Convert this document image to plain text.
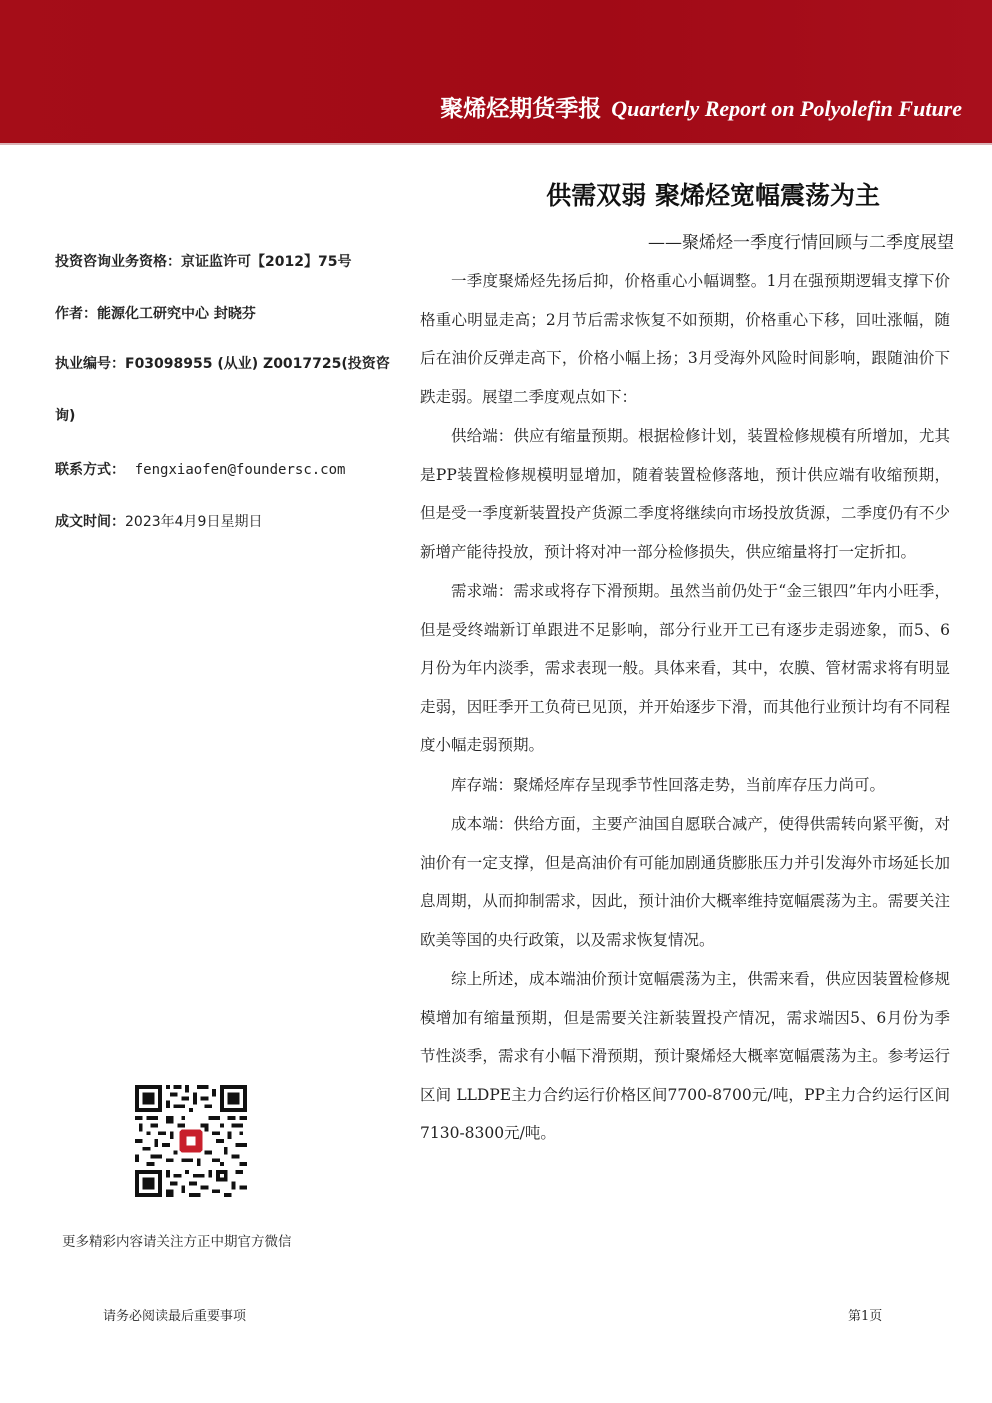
聚烯烃期货季报 Quarterly Report on Polyolefin Future
供需双弱 聚烯烃宽幅震荡为主
——聚烯烃一季度行情回顾与二季度展望
投资咨询业务资格：京证监许可【2012】75号
作者：能源化工研究中心 封晓芬
执业编号：F03098955 (从业) Z0017725(投资咨询)
联系方式： fengxiaofen@foundersc.com
成文时间：2023年4月9日星期日

一季度聚烯烃先扬后抑，价格重心小幅调整。1月在强预期逻辑支撑下价格重心明显走高；2月节后需求恢复不如预期，价格重心下移，回吐涨幅，随后在油价反弹走高下，价格小幅上扬；3月受海外风险时间影响，跟随油价下跌走弱。展望二季度观点如下：

供给端：供应有缩量预期。根据检修计划，装置检修规模有所增加，尤其是PP装置检修规模明显增加，随着装置检修落地，预计供应端有收缩预期，但是受一季度新装置投产货源二季度将继续向市场投放货源，二季度仍有不少新增产能待投放，预计将对冲一部分检修损失，供应缩量将打一定折扣。

需求端：需求或将存下滑预期。虽然当前仍处于“金三银四”年内小旺季，但是受终端新订单跟进不足影响，部分行业开工已有逐步走弱迹象，而5、6月份为年内淡季，需求表现一般。具体来看，其中，农膜、管材需求将有明显走弱，因旺季开工负荷已见顶，并开始逐步下滑，而其他行业预计均有不同程度小幅走弱预期。

库存端：聚烯烃库存呈现季节性回落走势，当前库存压力尚可。

成本端：供给方面，主要产油国自愿联合减产，使得供需转向紧平衡，对油价有一定支撑，但是高油价有可能加剧通货膨胀压力并引发海外市场延长加息周期，从而抑制需求，因此，预计油价大概率维持宽幅震荡为主。需要关注欧美等国的央行政策，以及需求恢复情况。

综上所述，成本端油价预计宽幅震荡为主，供需来看，供应因装置检修规模增加有缩量预期，但是需要关注新装置投产情况，需求端因5、6月份为季节性淡季，需求有小幅下滑预期，预计聚烯烃大概率宽幅震荡为主。参考运行区间 LLDPE主力合约运行价格区间7700-8700元/吨，PP主力合约运行区间7130-8300元/吨。

更多精彩内容请关注方正中期官方微信
请务必阅读最后重要事项	第1页
